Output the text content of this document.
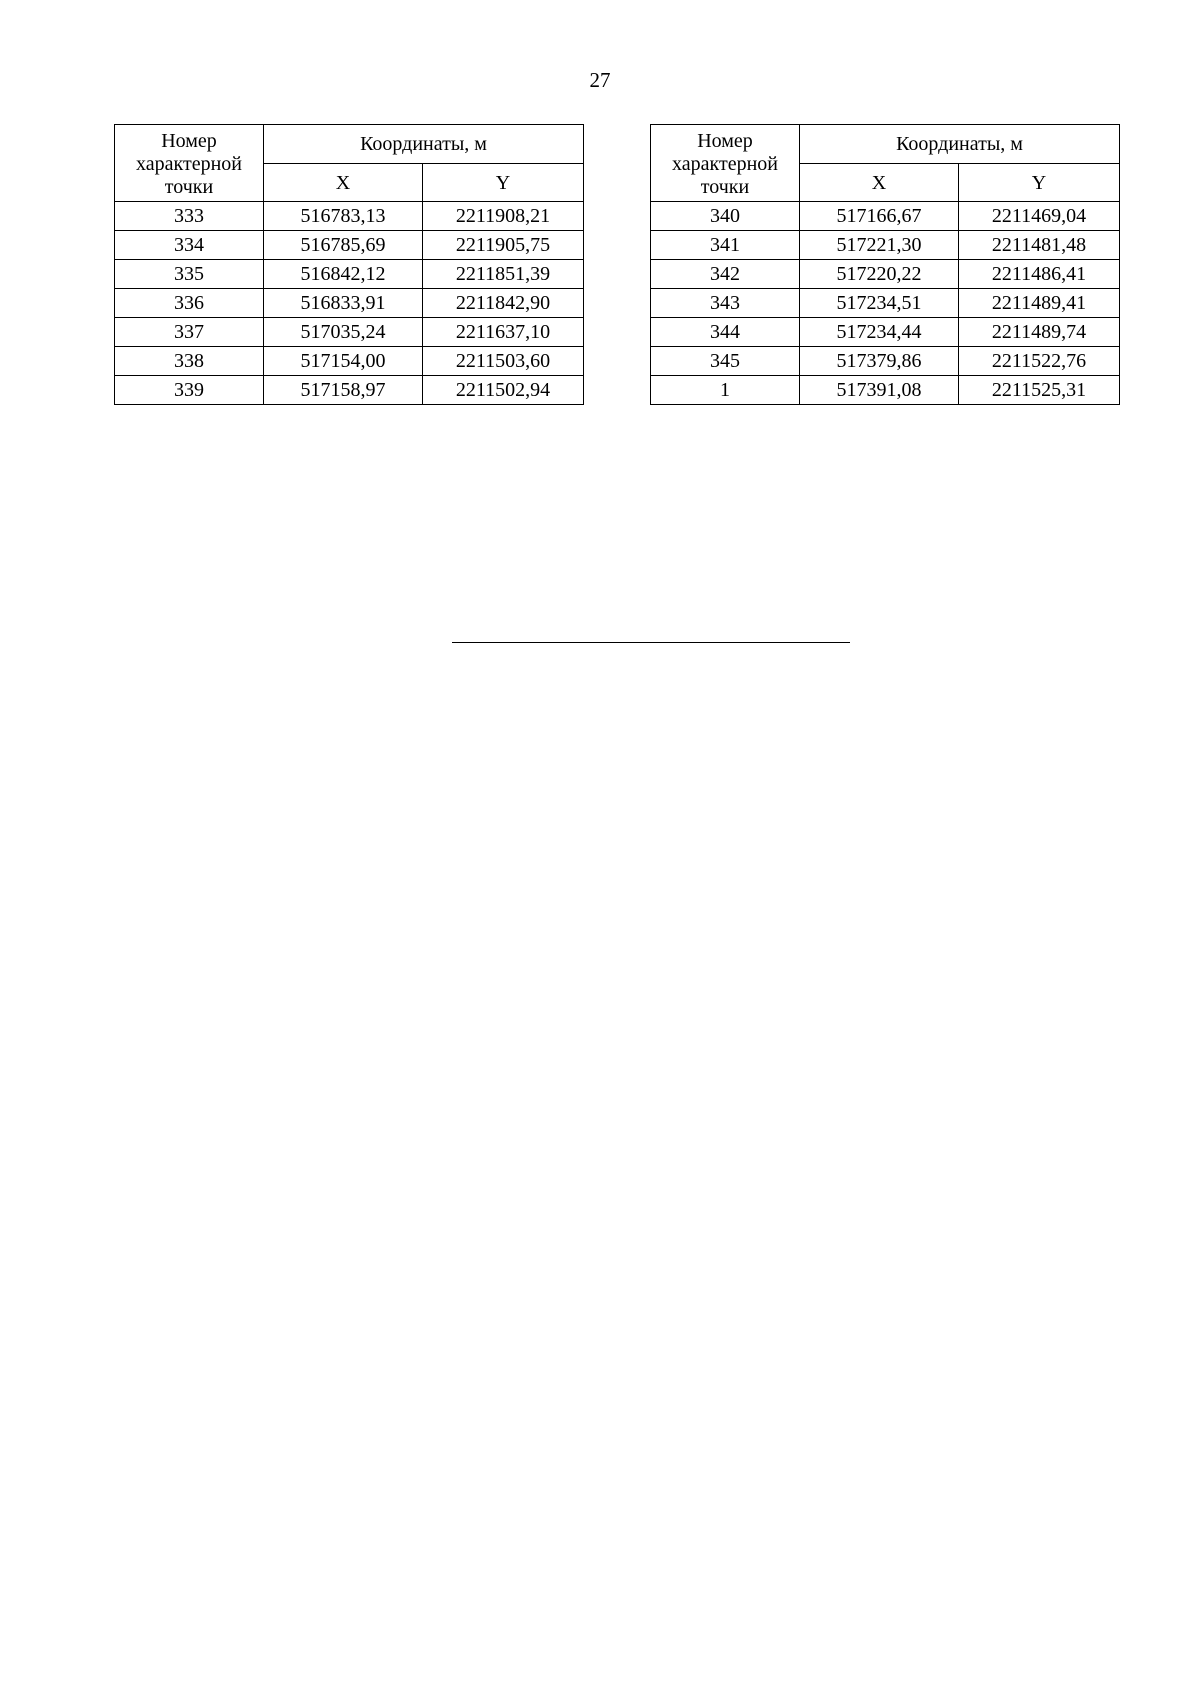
27
Номер характерной точки	Координаты, м	
	X	Y
333	516783,13	2211908,21
334	516785,69	2211905,75
335	516842,12	2211851,39
336	516833,91	2211842,90
337	517035,24	2211637,10
338	517154,00	2211503,60
339	517158,97	2211502,94
Номер характерной точки	Координаты, м	
	X	Y
340	517166,67	2211469,04
341	517221,30	2211481,48
342	517220,22	2211486,41
343	517234,51	2211489,41
344	517234,44	2211489,74
345	517379,86	2211522,76
1	517391,08	2211525,31
